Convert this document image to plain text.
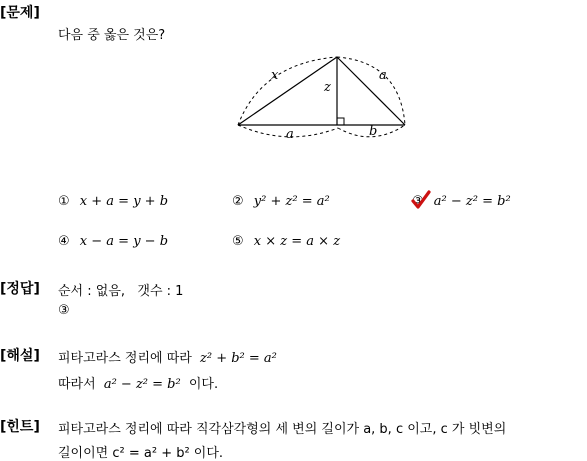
[문제]
다음 중 옳은 것은?
x	a
z
a	b
① x + a = y + b	② y² + z² = a²	③ a² − z² = b²
④ x − a = y − b	⑤ x × z = a × z
[정답] 순서 : 없음,   갯수 : 1
③
[해설] 피타고라스 정리에 따라 z² + b² = a²
따라서 a² − z² = b² 이다.
[힌트] 피타고라스 정리에 따라 직각삼각형의 세 변의 길이가 a, b, c 이고, c 가 빗변의
길이이면 c² = a² + b² 이다.
